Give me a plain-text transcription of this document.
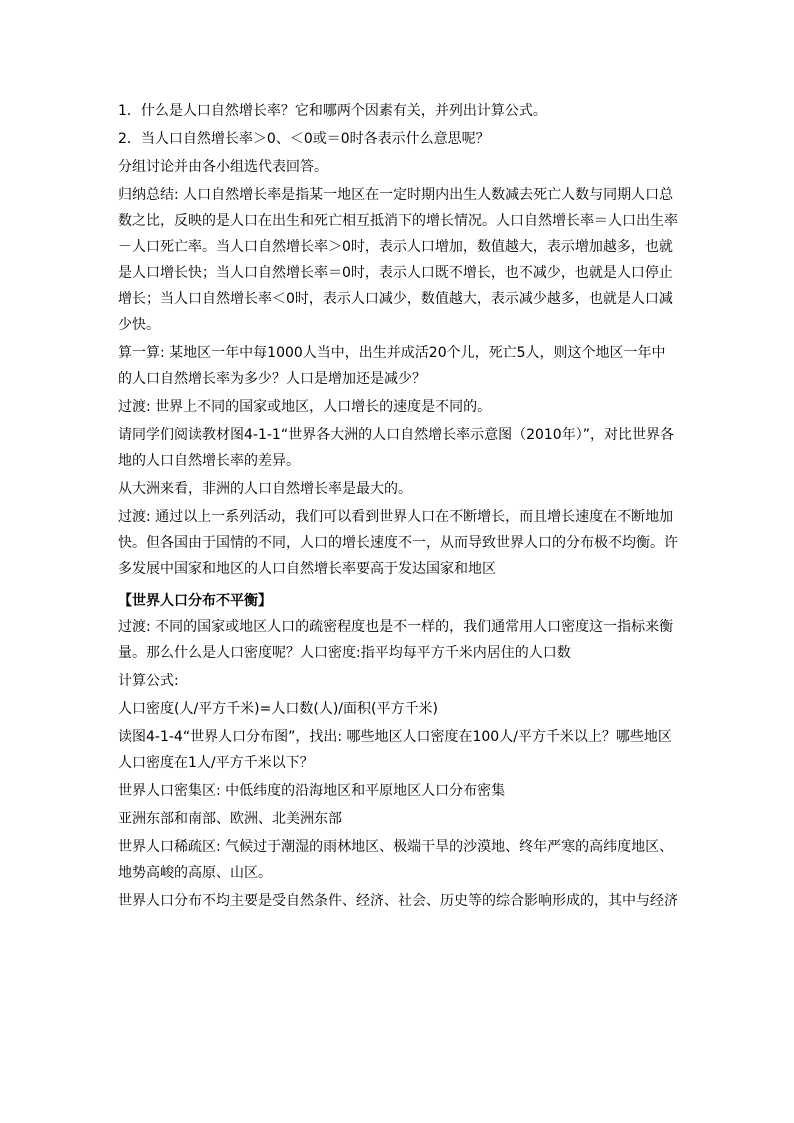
1．什么是人口自然增长率？它和哪两个因素有关，并列出计算公式。

2．当人口自然增长率＞0、＜0或＝0时各表示什么意思呢？

分组讨论并由各小组选代表回答。

归纳总结: 人口自然增长率是指某一地区在一定时期内出生人数减去死亡人数与同期人口总数之比，反映的是人口在出生和死亡相互抵消下的增长情况。人口自然增长率＝人口出生率－人口死亡率。当人口自然增长率＞0时，表示人口增加，数值越大，表示增加越多，也就是人口增长快；当人口自然增长率＝0时，表示人口既不增长，也不减少，也就是人口停止增长；当人口自然增长率＜0时，表示人口减少，数值越大，表示减少越多，也就是人口减少快。

算一算: 某地区一年中每1000人当中，出生并成活20个儿，死亡5人，则这个地区一年中的人口自然增长率为多少？人口是增加还是减少？

过渡: 世界上不同的国家或地区，人口增长的速度是不同的。

请同学们阅读教材图4-1-1“世界各大洲的人口自然增长率示意图（2010年）”，对比世界各地的人口自然增长率的差异。

从大洲来看，非洲的人口自然增长率是最大的。

过渡: 通过以上一系列活动，我们可以看到世界人口在不断增长，而且增长速度在不断地加快。但各国由于国情的不同，人口的增长速度不一，从而导致世界人口的分布极不均衡。许多发展中国家和地区的人口自然增长率要高于发达国家和地区

【世界人口分布不平衡】

过渡: 不同的国家或地区人口的疏密程度也是不一样的，我们通常用人口密度这一指标来衡量。那么什么是人口密度呢？人口密度:指平均每平方千米内居住的人口数

计算公式:

人口密度(人/平方千米)=人口数(人)/面积(平方千米)

读图4-1-4“世界人口分布图”，找出: 哪些地区人口密度在100人/平方千米以上？哪些地区人口密度在1人/平方千米以下？

世界人口密集区: 中低纬度的沿海地区和平原地区人口分布密集

亚洲东部和南部、欧洲、北美洲东部

世界人口稀疏区: 气候过于潮湿的雨林地区、极端干旱的沙漠地、终年严寒的高纬度地区、地势高峻的高原、山区。

世界人口分布不均主要是受自然条件、经济、社会、历史等的综合影响形成的，其中与经济
